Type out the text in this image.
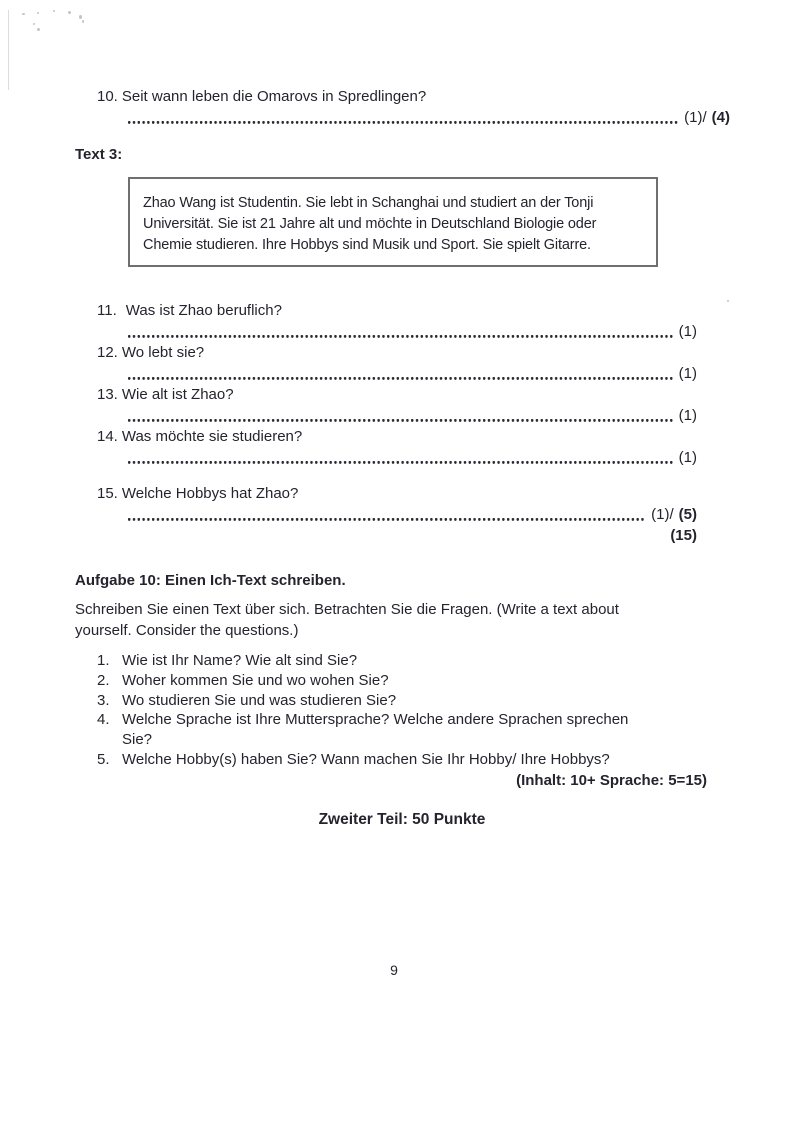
10. Seit wann leben die Omarovs in Spredlingen?
(1)/ (4)
Text 3:
Zhao Wang ist Studentin. Sie lebt in Schanghai und studiert an der Tonji
Universität. Sie ist 21 Jahre alt und möchte in Deutschland Biologie oder
Chemie studieren. Ihre Hobbys sind Musik und Sport. Sie spielt Gitarre.
11. Was ist Zhao beruflich?
(1)
12. Wo lebt sie?
(1)
13. Wie alt ist Zhao?
(1)
14. Was möchte sie studieren?
(1)
15. Welche Hobbys hat Zhao?
(1)/ (5)
(15)
Aufgabe 10: Einen Ich-Text schreiben.
Schreiben Sie einen Text über sich. Betrachten Sie die Fragen. (Write a text about
yourself. Consider the questions.)
1. Wie ist Ihr Name? Wie alt sind Sie?
2. Woher kommen Sie und wo wohen Sie?
3. Wo studieren Sie und was studieren Sie?
4. Welche Sprache ist Ihre Muttersprache? Welche andere Sprachen sprechen
Sie?
5. Welche Hobby(s) haben Sie? Wann machen Sie Ihr Hobby/ Ihre Hobbys?
(Inhalt: 10+ Sprache: 5=15)
Zweiter Teil: 50 Punkte
9
